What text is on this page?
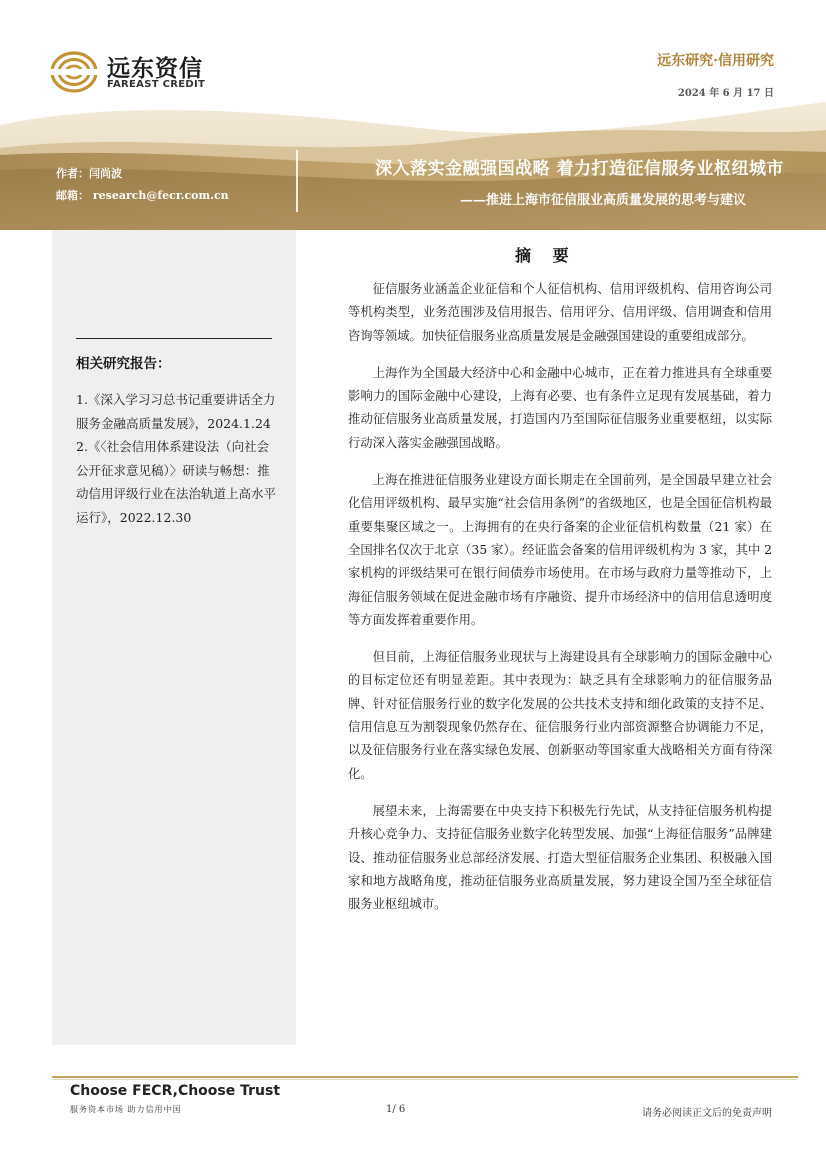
远东资信
FAREAST CREDIT
远东研究·信用研究
2024 年 6 月 17 日
作者：闫尚波
邮箱： research@fecr.com.cn
深入落实金融强国战略 着力打造征信服务业枢纽城市
——推进上海市征信服业高质量发展的思考与建议
相关研究报告：

1.《深入学习习总书记重要讲话全力服务金融高质量发展》，2024.1.24

2.《〈社会信用体系建设法（向社会公开征求意见稿）〉研读与畅想：推动信用评级行业在法治轨道上高水平运行》，2022.12.30

摘 要

征信服务业涵盖企业征信和个人征信机构、信用评级机构、信用咨询公司等机构类型，业务范围涉及信用报告、信用评分、信用评级、信用调查和信用咨询等领域。加快征信服务业高质量发展是金融强国建设的重要组成部分。

上海作为全国最大经济中心和金融中心城市，正在着力推进具有全球重要影响力的国际金融中心建设，上海有必要、也有条件立足现有发展基础，着力推动征信服务业高质量发展，打造国内乃至国际征信服务业重要枢纽，以实际行动深入落实金融强国战略。

上海在推进征信服务业建设方面长期走在全国前列，是全国最早建立社会化信用评级机构、最早实施“社会信用条例”的省级地区，也是全国征信机构最重要集聚区域之一。上海拥有的在央行备案的企业征信机构数量（21 家）在全国排名仅次于北京（35 家）。经证监会备案的信用评级机构为 3 家，其中 2 家机构的评级结果可在银行间债券市场使用。在市场与政府力量等推动下，上海征信服务领域在促进金融市场有序融资、提升市场经济中的信用信息透明度等方面发挥着重要作用。

但目前，上海征信服务业现状与上海建设具有全球影响力的国际金融中心的目标定位还有明显差距。其中表现为：缺乏具有全球影响力的征信服务品牌、针对征信服务行业的数字化发展的公共技术支持和细化政策的支持不足、信用信息互为割裂现象仍然存在、征信服务行业内部资源整合协调能力不足，以及征信服务行业在落实绿色发展、创新驱动等国家重大战略相关方面有待深化。

展望未来，上海需要在中央支持下积极先行先试，从支持征信服务机构提升核心竞争力、支持征信服务业数字化转型发展、加强“上海征信服务”品牌建设、推动征信服务业总部经济发展、打造大型征信服务企业集团、积极融入国家和地方战略角度，推动征信服务业高质量发展，努力建设全国乃至全球征信服务业枢纽城市。

Choose FECR,Choose Trust
服务资本市场 助力信用中国	1/ 6	请务必阅读正文后的免责声明
